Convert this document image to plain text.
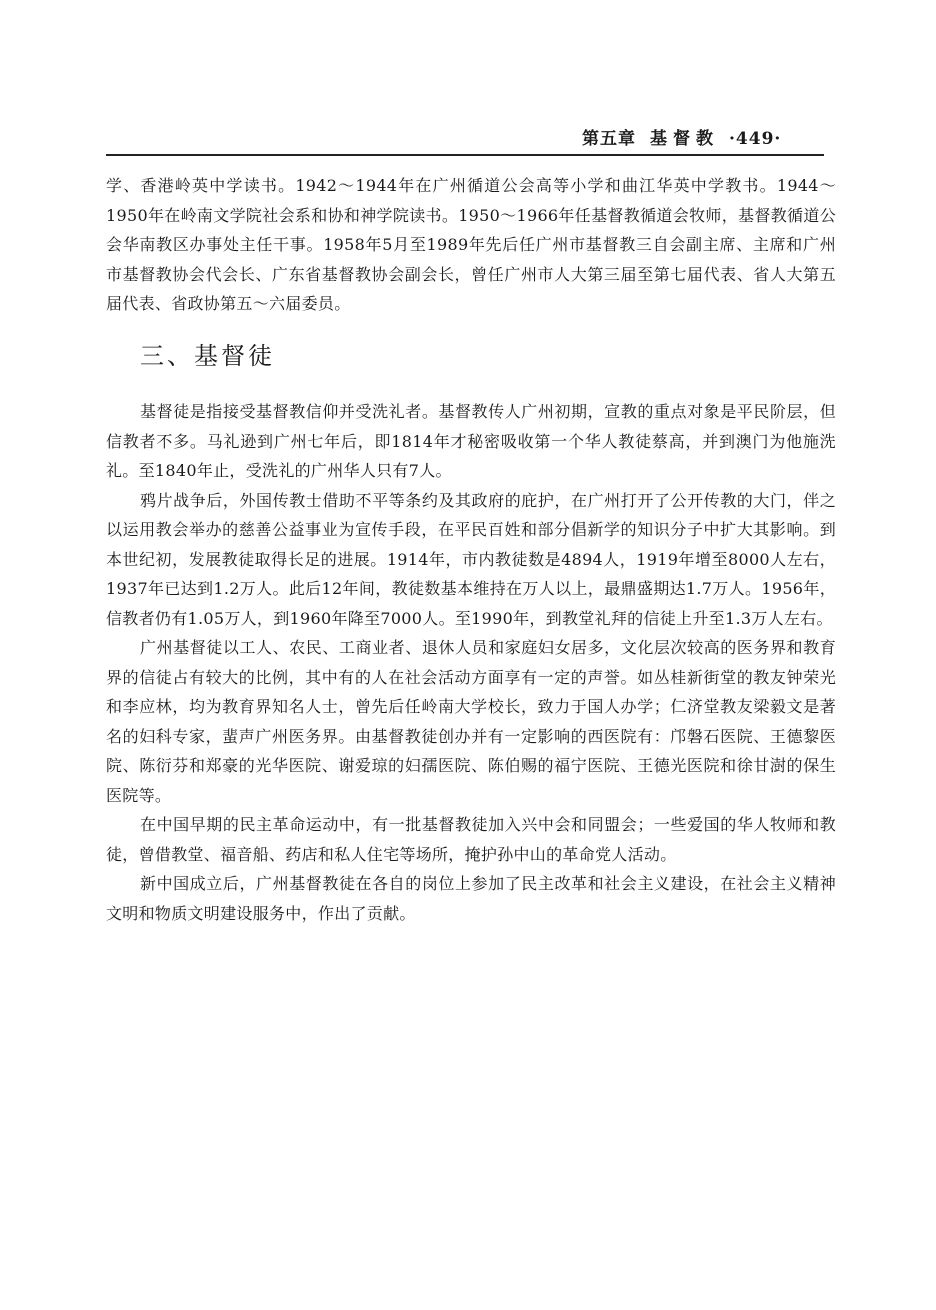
第五章 基督教 ·449·

学、香港岭英中学读书。1942～1944年在广州循道公会高等小学和曲江华英中学教书。1944～1950年在岭南文学院社会系和协和神学院读书。1950～1966年任基督教循道会牧师，基督教循道公会华南教区办事处主任干事。1958年5月至1989年先后任广州市基督教三自会副主席、主席和广州市基督教协会代会长、广东省基督教协会副会长，曾任广州市人大第三届至第七届代表、省人大第五届代表、省政协第五～六届委员。

三、基督徒

基督徒是指接受基督教信仰并受洗礼者。基督教传人广州初期，宣教的重点对象是平民阶层，但信教者不多。马礼逊到广州七年后，即1814年才秘密吸收第一个华人教徒蔡高，并到澳门为他施洗礼。至1840年止，受洗礼的广州华人只有7人。

鸦片战争后，外国传教士借助不平等条约及其政府的庇护，在广州打开了公开传教的大门，伴之以运用教会举办的慈善公益事业为宣传手段，在平民百姓和部分倡新学的知识分子中扩大其影响。到本世纪初，发展教徒取得长足的进展。1914年，市内教徒数是4894人，1919年增至8000人左右，1937年已达到1.2万人。此后12年间，教徒数基本维持在万人以上，最鼎盛期达1.7万人。1956年，信教者仍有1.05万人，到1960年降至7000人。至1990年，到教堂礼拜的信徒上升至1.3万人左右。

广州基督徒以工人、农民、工商业者、退休人员和家庭妇女居多，文化层次较高的医务界和教育界的信徒占有较大的比例，其中有的人在社会活动方面享有一定的声誉。如丛桂新街堂的教友钟荣光和李应林，均为教育界知名人士，曾先后任岭南大学校长，致力于国人办学；仁济堂教友梁毅文是著名的妇科专家，蜚声广州医务界。由基督教徒创办并有一定影响的西医院有：邝磐石医院、王德黎医院、陈衍芬和郑豪的光华医院、谢爱琼的妇孺医院、陈伯赐的福宁医院、王德光医院和徐甘澍的保生医院等。

在中国早期的民主革命运动中，有一批基督教徒加入兴中会和同盟会；一些爱国的华人牧师和教徒，曾借教堂、福音船、药店和私人住宅等场所，掩护孙中山的革命党人活动。

新中国成立后，广州基督教徒在各自的岗位上参加了民主改革和社会主义建设，在社会主义精神文明和物质文明建设服务中，作出了贡献。
